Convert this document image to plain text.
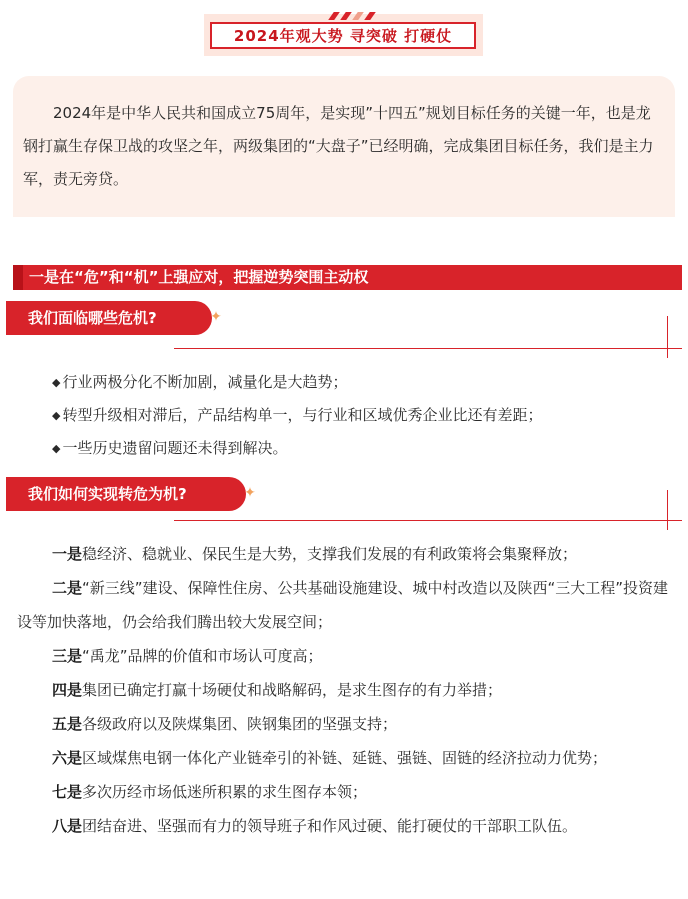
2024年观大势 寻突破 打硬仗

2024年是中华人民共和国成立75周年，是实现”十四五”规划目标任务的关键一年，也是龙钢打赢生存保卫战的攻坚之年，两级集团的“大盘子”已经明确，完成集团目标任务，我们是主力军，责无旁贷。

一是在“危”和“机”上强应对，把握逆势突围主动权
我们面临哪些危机?	✦
◆ 行业两极分化不断加剧，减量化是大趋势；
◆ 转型升级相对滞后，产品结构单一，与行业和区域优秀企业比还有差距；
◆ 一些历史遗留问题还未得到解决。
我们如何实现转危为机?	✦

一是稳经济、稳就业、保民生是大势，支撑我们发展的有利政策将会集聚释放；

二是“新三线”建设、保障性住房、公共基础设施建设、城中村改造以及陕西“三大工程”投资建设等加快落地，仍会给我们腾出较大发展空间；

三是“禹龙”品牌的价值和市场认可度高；

四是集团已确定打赢十场硬仗和战略解码，是求生图存的有力举措；

五是各级政府以及陕煤集团、陕钢集团的坚强支持；

六是区域煤焦电钢一体化产业链牵引的补链、延链、强链、固链的经济拉动力优势；

七是多次历经市场低迷所积累的求生图存本领；

八是团结奋进、坚强而有力的领导班子和作风过硬、能打硬仗的干部职工队伍。
